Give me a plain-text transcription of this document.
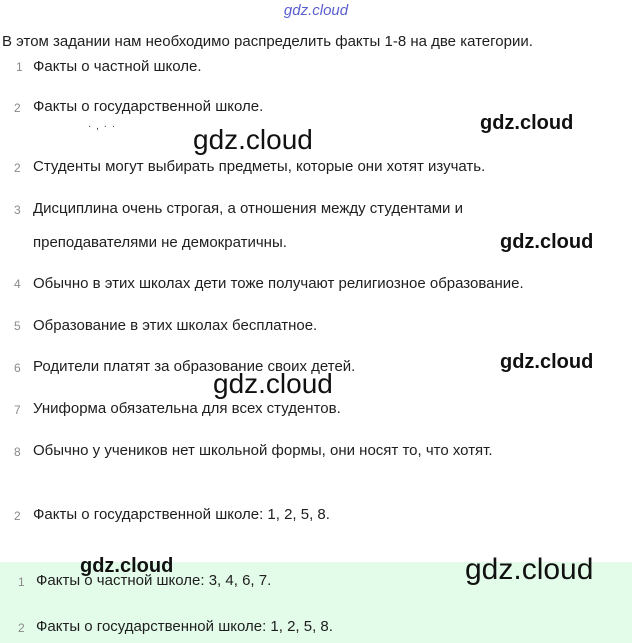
gdz.cloud
В этом задании нам необходимо распределить факты 1-8 на две категории.
1 Факты о частной школе.
2 Факты о государственной школе.
· , · ·	gdz.cloud
gdz.cloud
2 Студенты могут выбирать предметы, которые они хотят изучать.
3 Дисциплина очень строгая, а отношения между студентами и
преподавателями не демократичны.	gdz.cloud
4 Обычно в этих школах дети тоже получают религиозное образование.
5 Образование в этих школах бесплатное.
6 Родители платят за образование своих детей.	gdz.cloud
gdz.cloud
7 Униформа обязательна для всех студентов.
8 Обычно у учеников нет школьной формы, они носят то, что хотят.
2 Факты о государственной школе: 1, 2, 5, 8.
gdz.cloud	gdz.cloud
1 Факты о частной школе: 3, 4, 6, 7.
2 Факты о государственной школе: 1, 2, 5, 8.
